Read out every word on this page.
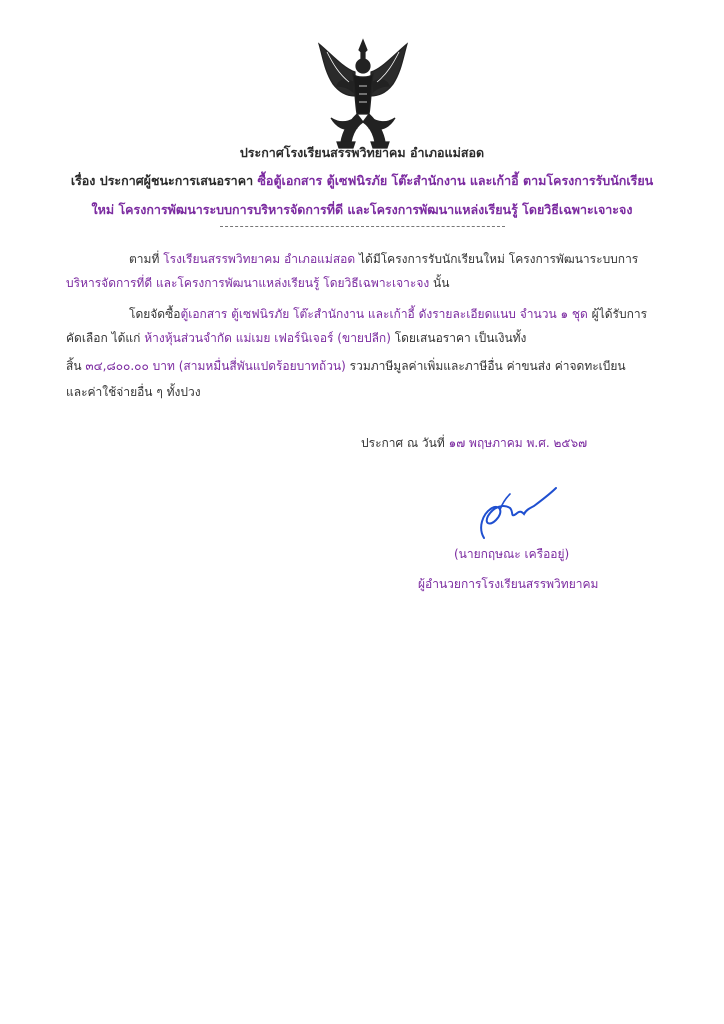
ประกาศโรงเรียนสรรพวิทยาคม อำเภอแม่สอด
เรื่อง ประกาศผู้ชนะการเสนอราคา ซื้อตู้เอกสาร ตู้เซฟนิรภัย โต๊ะสำนักงาน และเก้าอี้ ตามโครงการรับนักเรียน
ใหม่ โครงการพัฒนาระบบการบริหารจัดการที่ดี และโครงการพัฒนาแหล่งเรียนรู้ โดยวิธีเฉพาะเจาะจง
ตามที่ โรงเรียนสรรพวิทยาคม อำเภอแม่สอด ได้มีโครงการรับนักเรียนใหม่ โครงการพัฒนาระบบการ
บริหารจัดการที่ดี และโครงการพัฒนาแหล่งเรียนรู้ โดยวิธีเฉพาะเจาะจง นั้น
โดยจัดซื้อตู้เอกสาร ตู้เซฟนิรภัย โต๊ะสำนักงาน และเก้าอี้ ดังรายละเอียดแนบ จำนวน ๑ ชุด ผู้ได้รับการ
คัดเลือก ได้แก่ ห้างหุ้นส่วนจำกัด แม่เมย เฟอร์นิเจอร์ (ขายปลีก) โดยเสนอราคา เป็นเงินทั้ง
สิ้น ๓๔,๘๐๐.๐๐ บาท (สามหมื่นสี่พันแปดร้อยบาทถ้วน) รวมภาษีมูลค่าเพิ่มและภาษีอื่น ค่าขนส่ง ค่าจดทะเบียน
และค่าใช้จ่ายอื่น ๆ ทั้งปวง
ประกาศ ณ วันที่ ๑๗ พฤษภาคม พ.ศ. ๒๕๖๗
(นายกฤษณะ เครืออยู่)
ผู้อำนวยการโรงเรียนสรรพวิทยาคม
